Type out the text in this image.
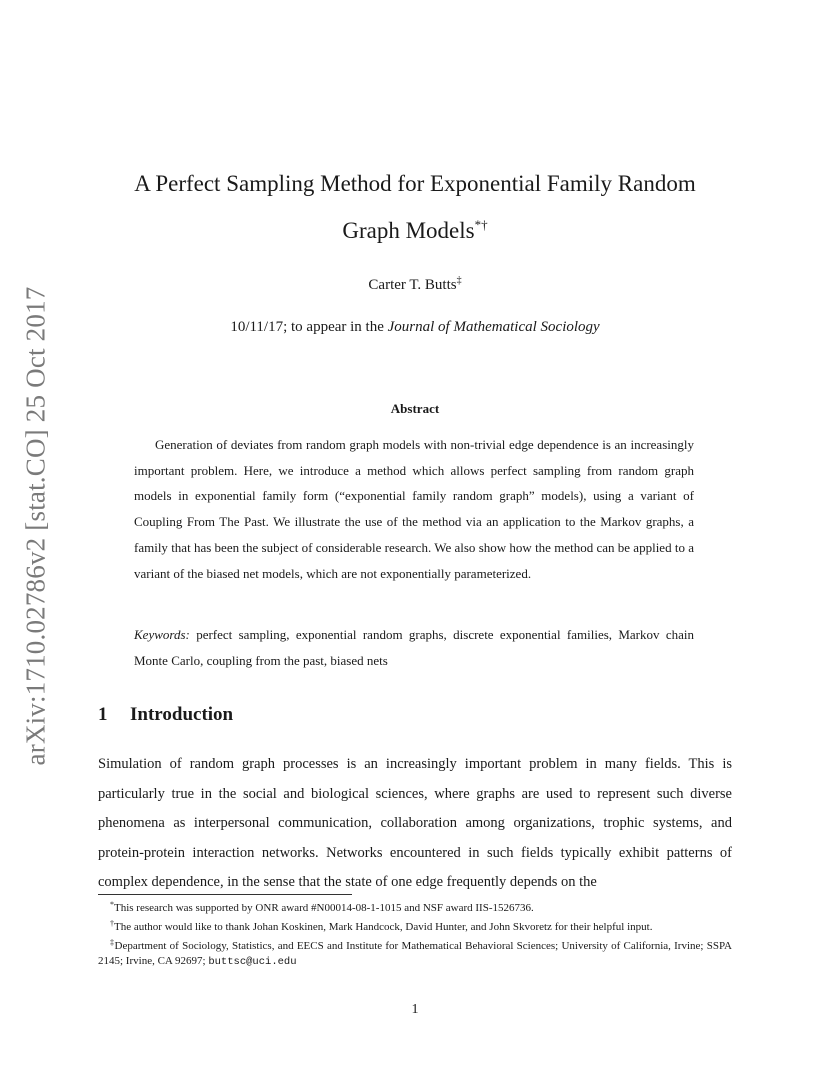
arXiv:1710.02786v2 [stat.CO] 25 Oct 2017
A Perfect Sampling Method for Exponential Family Random
Graph Models*†
Carter T. Butts‡
10/11/17; to appear in the Journal of Mathematical Sociology
Abstract

Generation of deviates from random graph models with non-trivial edge dependence is an increasingly important problem. Here, we introduce a method which allows perfect sampling from random graph models in exponential family form (“exponential family random graph” models), using a variant of Coupling From The Past. We illustrate the use of the method via an application to the Markov graphs, a family that has been the subject of considerable research. We also show how the method can be applied to a variant of the biased net models, which are not exponentially parameterized.

Keywords: perfect sampling, exponential random graphs, discrete exponential families, Markov chain Monte Carlo, coupling from the past, biased nets

1 Introduction

Simulation of random graph processes is an increasingly important problem in many fields. This is particularly true in the social and biological sciences, where graphs are used to represent such diverse phenomena as interpersonal communication, collaboration among organizations, trophic systems, and protein-protein interaction networks. Networks encountered in such fields typically exhibit patterns of complex dependence, in the sense that the state of one edge frequently depends on the

*This research was supported by ONR award #N00014-08-1-1015 and NSF award IIS-1526736.

†The author would like to thank Johan Koskinen, Mark Handcock, David Hunter, and John Skvoretz for their helpful input.

‡Department of Sociology, Statistics, and EECS and Institute for Mathematical Behavioral Sciences; University of California, Irvine; SSPA 2145; Irvine, CA 92697; buttsc@uci.edu

1
